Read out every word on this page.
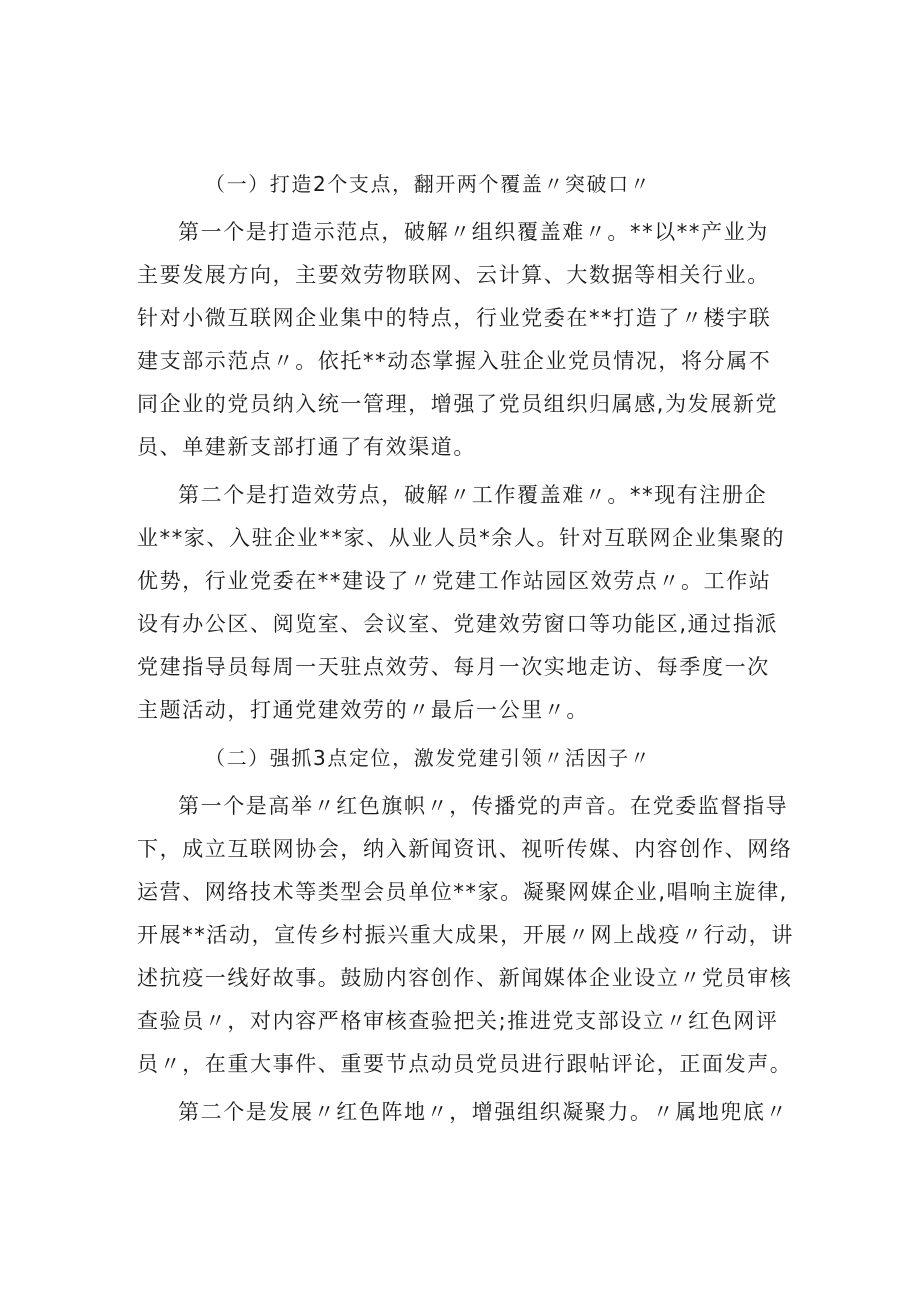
（一）打造2个支点，翻开两个覆盖〃突破口〃
第一个是打造示范点，破解〃组织覆盖难〃。**以**产业为
主要发展方向，主要效劳物联网、云计算、大数据等相关行业。
针对小微互联网企业集中的特点，行业党委在**打造了〃楼宇联
建支部示范点〃。依托**动态掌握入驻企业党员情况，将分属不
同企业的党员纳入统一管理，增强了党员组织归属感,为发展新党
员、单建新支部打通了有效渠道。
第二个是打造效劳点，破解〃工作覆盖难〃。**现有注册企
业**家、入驻企业**家、从业人员*余人。针对互联网企业集聚的
优势，行业党委在**建设了〃党建工作站园区效劳点〃。工作站
设有办公区、阅览室、会议室、党建效劳窗口等功能区,通过指派
党建指导员每周一天驻点效劳、每月一次实地走访、每季度一次
主题活动，打通党建效劳的〃最后一公里〃。
（二）强抓3点定位，激发党建引领〃活因子〃
第一个是高举〃红色旗帜〃，传播党的声音。在党委监督指导
下，成立互联网协会，纳入新闻资讯、视听传媒、内容创作、网络
运营、网络技术等类型会员单位**家。凝聚网媒企业,唱响主旋律,
开展**活动，宣传乡村振兴重大成果，开展〃网上战疫〃行动，讲
述抗疫一线好故事。鼓励内容创作、新闻媒体企业设立〃党员审核
查验员〃，对内容严格审核查验把关;推进党支部设立〃红色网评
员〃，在重大事件、重要节点动员党员进行跟帖评论，正面发声。
第二个是发展〃红色阵地〃，增强组织凝聚力。〃属地兜底〃
